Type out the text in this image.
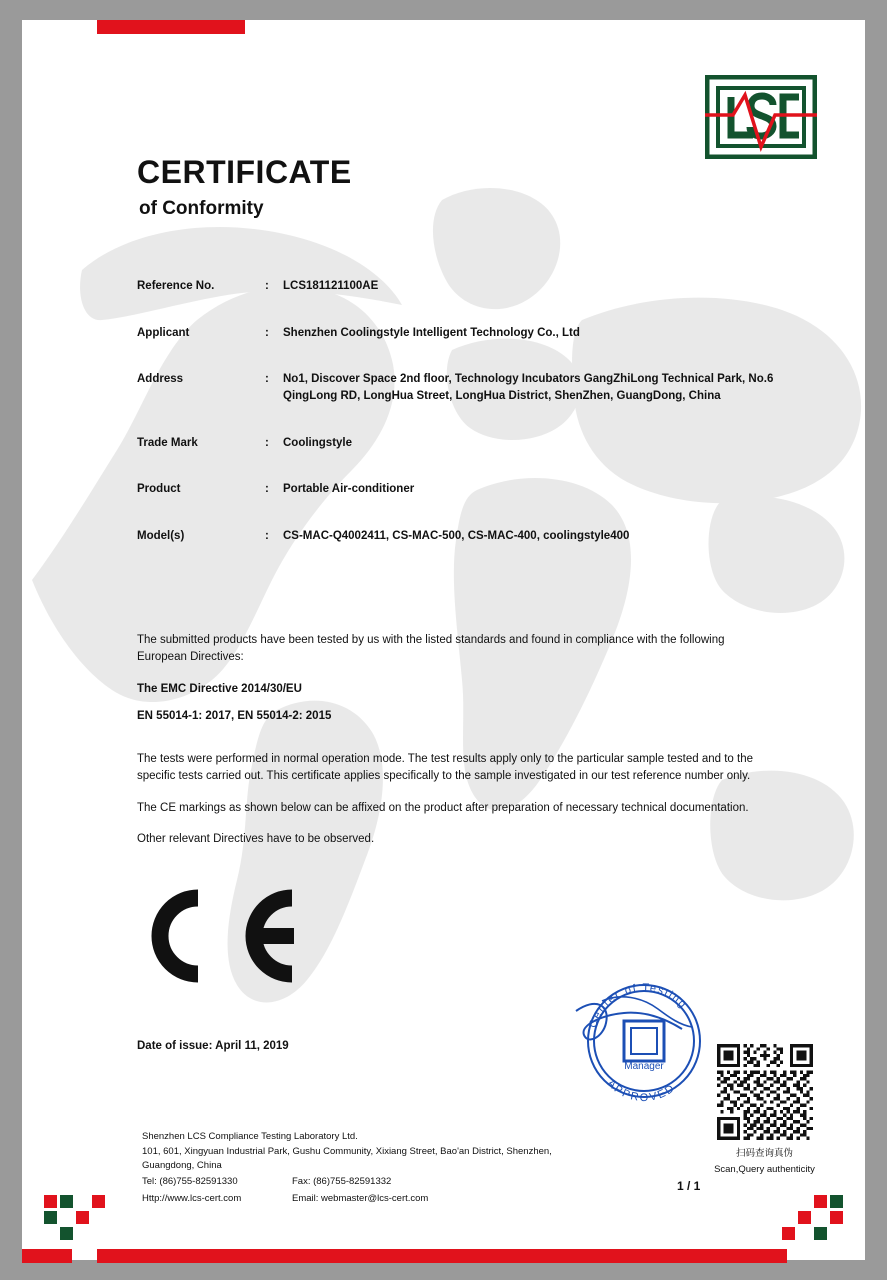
CERTIFICATE
of Conformity
Reference No.	:	LCS181121100AE
Applicant	:	Shenzhen Coolingstyle Intelligent Technology Co., Ltd
Address	:	No1, Discover Space 2nd floor, Technology Incubators GangZhiLong Technical Park, No.6 QingLong RD, LongHua Street, LongHua District, ShenZhen, GuangDong, China
Trade Mark	:	Coolingstyle
Product	:	Portable Air-conditioner
Model(s)	:	CS-MAC-Q4002411, CS-MAC-500, CS-MAC-400, coolingstyle400
The submitted products have been tested by us with the listed standards and found in compliance with the following European Directives:
The EMC Directive 2014/30/EU
EN 55014-1: 2017, EN 55014-2: 2015
The tests were performed in normal operation mode. The test results apply only to the particular sample tested and to the specific tests carried out. This certificate applies specifically to the sample investigated in our test reference number only.
The CE markings as shown below can be affixed on the product after preparation of necessary technical documentation.
Other relevant Directives have to be observed.
Date of issue: April 11, 2019
Center of Testing
APPROVED
Manager
扫码查询真伪
Scan,Query authenticity
Shenzhen LCS Compliance Testing Laboratory Ltd.
101, 601, Xingyuan Industrial Park, Gushu Community, Xixiang Street, Bao'an District, Shenzhen,
Guangdong, China
Tel: (86)755-82591330	Fax: (86)755-82591332
Http://www.lcs-cert.com	Email: webmaster@lcs-cert.com
1 / 1
